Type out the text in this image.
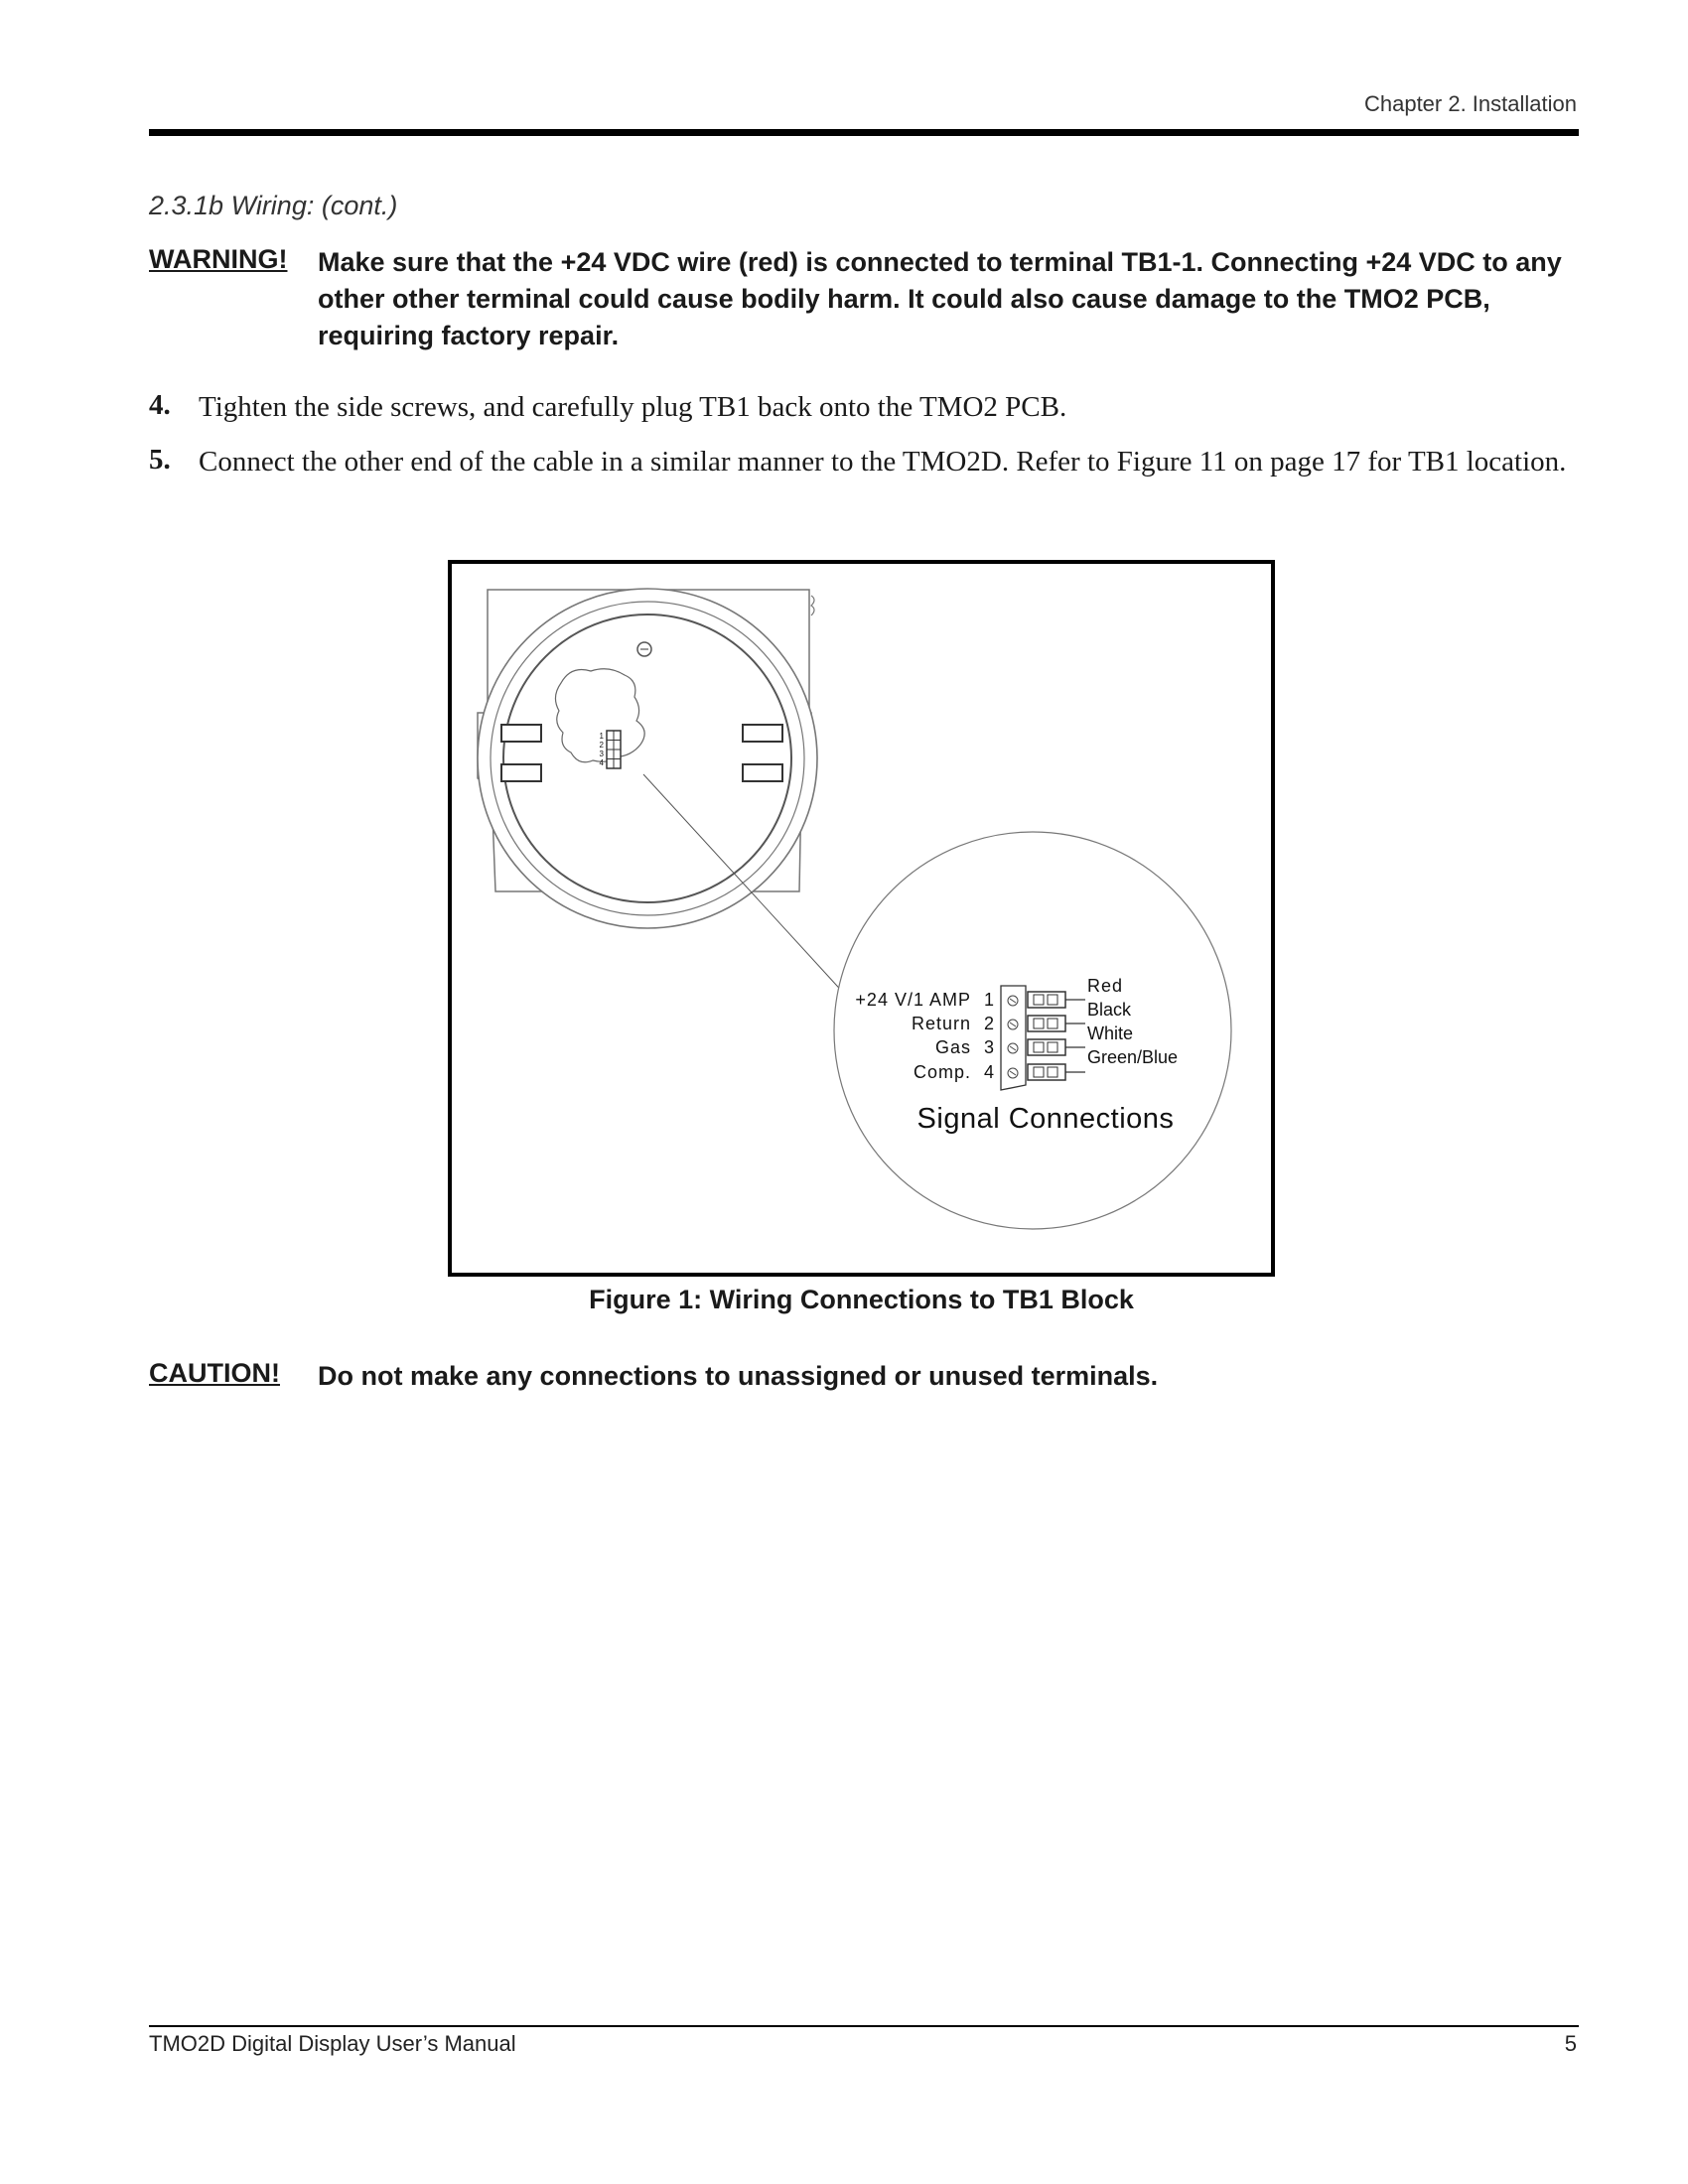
Chapter 2. Installation
2.3.1b Wiring: (cont.)
WARNING! Make sure that the +24 VDC wire (red) is connected to terminal TB1-1. Connecting +24 VDC to any other other terminal could cause bodily harm. It could also cause damage to the TMO2 PCB, requiring factory repair.
4. Tighten the side screws, and carefully plug TB1 back onto the TMO2 PCB.
5. Connect the other end of the cable in a similar manner to the TMO2D. Refer to Figure 11 on page 17 for TB1 location.
1
2
3
4
+24 V/1 AMP 1
Return 2
Gas 3
Comp. 4
Red
Black
White
Green/Blue
Signal Connections
Figure 1: Wiring Connections to TB1 Block
CAUTION! Do not make any connections to unassigned or unused terminals.
TMO2D Digital Display User’s Manual	5
